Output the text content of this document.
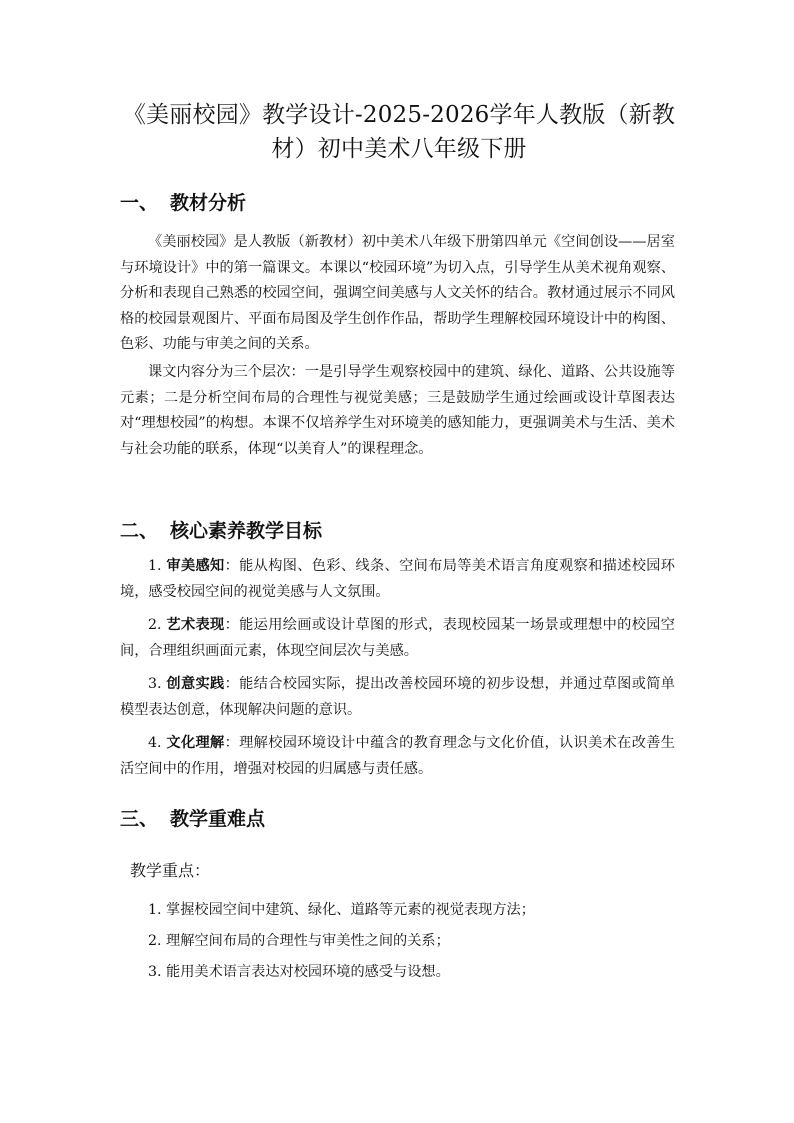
《美丽校园》教学设计-2025-2026学年人教版（新教材）初中美术八年级下册
一、 教材分析

《美丽校园》是人教版（新教材）初中美术八年级下册第四单元《空间创设——居室与环境设计》中的第一篇课文。本课以“校园环境”为切入点，引导学生从美术视角观察、分析和表现自己熟悉的校园空间，强调空间美感与人文关怀的结合。教材通过展示不同风格的校园景观图片、平面布局图及学生创作作品，帮助学生理解校园环境设计中的构图、色彩、功能与审美之间的关系。

课文内容分为三个层次：一是引导学生观察校园中的建筑、绿化、道路、公共设施等元素；二是分析空间布局的合理性与视觉美感；三是鼓励学生通过绘画或设计草图表达对“理想校园”的构想。本课不仅培养学生对环境美的感知能力，更强调美术与生活、美术与社会功能的联系，体现“以美育人”的课程理念。

二、 核心素养教学目标

1. 审美感知：能从构图、色彩、线条、空间布局等美术语言角度观察和描述校园环境，感受校园空间的视觉美感与人文氛围。

2. 艺术表现：能运用绘画或设计草图的形式，表现校园某一场景或理想中的校园空间，合理组织画面元素，体现空间层次与美感。

3. 创意实践：能结合校园实际，提出改善校园环境的初步设想，并通过草图或简单模型表达创意，体现解决问题的意识。

4. 文化理解：理解校园环境设计中蕴含的教育理念与文化价值，认识美术在改善生活空间中的作用，增强对校园的归属感与责任感。

三、 教学重难点

教学重点：

1. 掌握校园空间中建筑、绿化、道路等元素的视觉表现方法；

2. 理解空间布局的合理性与审美性之间的关系；

3. 能用美术语言表达对校园环境的感受与设想。
